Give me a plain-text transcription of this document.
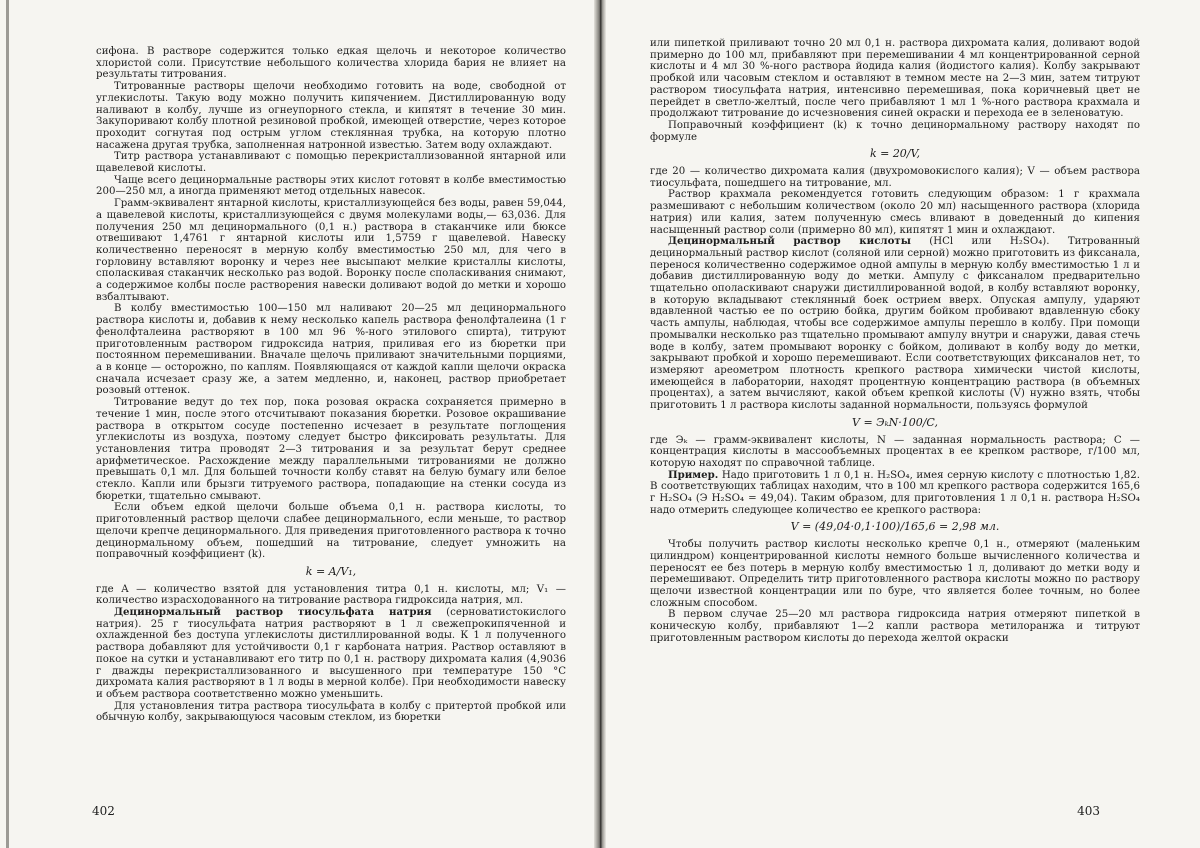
сифона. В растворе содержится только едкая щелочь и некоторое количество хлористой соли. Присутствие небольшого количества хлорида бария не влияет на результаты титрования.

Титрованные растворы щелочи необходимо готовить на воде, свободной от углекислоты. Такую воду можно получить кипячением. Дистиллированную воду наливают в колбу, лучше из огнеупорного стекла, и кипятят в течение 30 мин. Закупоривают колбу плотной резиновой пробкой, имеющей отверстие, через которое проходит согнутая под острым углом стеклянная трубка, на которую плотно насажена другая трубка, заполненная натронной известью. Затем воду охлаждают.

Титр раствора устанавливают с помощью перекристаллизованной янтарной или щавелевой кислоты.

Чаще всего децинормальные растворы этих кислот готовят в колбе вместимостью 200—250 мл, а иногда применяют метод отдельных навесок.

Грамм-эквивалент янтарной кислоты, кристаллизующейся без воды, равен 59,044, а щавелевой кислоты, кристаллизующейся с двумя молекулами воды,— 63,036. Для получения 250 мл децинормального (0,1 н.) раствора в стаканчике или бюксе отвешивают 1,4761 г янтарной кислоты или 1,5759 г щавелевой. Навеску количественно переносят в мерную колбу вместимостью 250 мл, для чего в горловину вставляют воронку и через нее высыпают мелкие кристаллы кислоты, споласкивая стаканчик несколько раз водой. Воронку после споласкивания снимают, а содержимое колбы после растворения навески доливают водой до метки и хорошо взбалтывают.

В колбу вместимостью 100—150 мл наливают 20—25 мл децинормального раствора кислоты и, добавив к нему несколько капель раствора фенолфталеина (1 г фенолфталеина растворяют в 100 мл 96 %-ного этилового спирта), титруют приготовленным раствором гидроксида натрия, приливая его из бюретки при постоянном перемешивании. Вначале щелочь приливают значительными порциями, а в конце — осторожно, по каплям. Появляющаяся от каждой капли щелочи окраска сначала исчезает сразу же, а затем медленно, и, наконец, раствор приобретает розовый оттенок.

Титрование ведут до тех пор, пока розовая окраска сохраняется примерно в течение 1 мин, после этого отсчитывают показания бюретки. Розовое окрашивание раствора в открытом сосуде постепенно исчезает в результате поглощения углекислоты из воздуха, поэтому следует быстро фиксировать результаты. Для установления титра проводят 2—3 титрования и за результат берут среднее арифметическое. Расхождение между параллельными титрованиями не должно превышать 0,1 мл. Для большей точности колбу ставят на белую бумагу или белое стекло. Капли или брызги титруемого раствора, попадающие на стенки сосуда из бюретки, тщательно смывают.

Если объем едкой щелочи больше объема 0,1 н. раствора кислоты, то приготовленный раствор щелочи слабее децинормального, если меньше, то раствор щелочи крепче децинормального. Для приведения приготовленного раствора к точно децинормальному объем, пошедший на титрование, следует умножить на поправочный коэффициент (k).

k = A/V₁,

где A — количество взятой для установления титра 0,1 н. кислоты, мл; V₁ — количество израсходованного на титрование раствора гидроксида натрия, мл.

Децинормальный раствор тиосульфата натрия (серноватистокислого натрия). 25 г тиосульфата натрия растворяют в 1 л свежепрокипяченной и охлажденной без доступа углекислоты дистиллированной воды. К 1 л полученного раствора добавляют для устойчивости 0,1 г карбоната натрия. Раствор оставляют в покое на сутки и устанавливают его титр по 0,1 н. раствору дихромата калия (4,9036 г дважды перекристаллизованного и высушенного при температуре 150 °С дихромата калия растворяют в 1 л воды в мерной колбе). При необходимости навеску и объем раствора соответственно можно уменьшить.

Для установления титра раствора тиосульфата в колбу с притертой пробкой или обычную колбу, закрывающуюся часовым стеклом, из бюретки

402

или пипеткой приливают точно 20 мл 0,1 н. раствора дихромата калия, доливают водой примерно до 100 мл, прибавляют при перемешивании 4 мл концентрированной серной кислоты и 4 мл 30 %-ного раствора йодида калия (йодистого калия). Колбу закрывают пробкой или часовым стеклом и оставляют в темном месте на 2—3 мин, затем титруют раствором тиосульфата натрия, интенсивно перемешивая, пока коричневый цвет не перейдет в светло-желтый, после чего прибавляют 1 мл 1 %-ного раствора крахмала и продолжают титрование до исчезновения синей окраски и перехода ее в зеленоватую.

Поправочный коэффициент (k) к точно децинормальному раствору находят по формуле

k = 20/V,

где 20 — количество дихромата калия (двухромовокислого калия); V — объем раствора тиосульфата, пошедшего на титрование, мл.

Раствор крахмала рекомендуется готовить следующим образом: 1 г крахмала размешивают с небольшим количеством (около 20 мл) насыщенного раствора (хлорида натрия) или калия, затем полученную смесь вливают в доведенный до кипения насыщенный раствор соли (примерно 80 мл), кипятят 1 мин и охлаждают.

Децинормальный раствор кислоты (HCl или H₂SO₄). Титрованный децинормальный раствор кислот (соляной или серной) можно приготовить из фиксанала, перенося количественно содержимое одной ампулы в мерную колбу вместимостью 1 л и добавив дистиллированную воду до метки. Ампулу с фиксаналом предварительно тщательно ополаскивают снаружи дистиллированной водой, в колбу вставляют воронку, в которую вкладывают стеклянный боек острием вверх. Опуская ампулу, ударяют вдавленной частью ее по острию бойка, другим бойком пробивают вдавленную сбоку часть ампулы, наблюдая, чтобы все содержимое ампулы перешло в колбу. При помощи промывалки несколько раз тщательно промывают ампулу внутри и снаружи, давая стечь воде в колбу, затем промывают воронку с бойком, доливают в колбу воду до метки, закрывают пробкой и хорошо перемешивают. Если соответствующих фиксаналов нет, то измеряют ареометром плотность крепкого раствора химически чистой кислоты, имеющейся в лаборатории, находят процентную концентрацию раствора (в объемных процентах), а затем вычисляют, какой объем крепкой кислоты (V) нужно взять, чтобы приготовить 1 л раствора кислоты заданной нормальности, пользуясь формулой

V = ЭₖN·100/C,

где Эₖ — грамм-эквивалент кислоты, N — заданная нормальность раствора; C — концентрация кислоты в массообъемных процентах в ее крепком растворе, г/100 мл, которую находят по справочной таблице.

Пример. Надо приготовить 1 л 0,1 н. H₂SO₄, имея серную кислоту с плотностью 1,82. В соответствующих таблицах находим, что в 100 мл крепкого раствора содержится 165,6 г H₂SO₄ (Э H₂SO₄ = 49,04). Таким образом, для приготовления 1 л 0,1 н. раствора H₂SO₄ надо отмерить следующее количество ее крепкого раствора:

V = (49,04·0,1·100)/165,6 = 2,98 мл.

Чтобы получить раствор кислоты несколько крепче 0,1 н., отмеряют (маленьким цилиндром) концентрированной кислоты немного больше вычисленного количества и переносят ее без потерь в мерную колбу вместимостью 1 л, доливают до метки воду и перемешивают. Определить титр приготовленного раствора кислоты можно по раствору щелочи известной концентрации или по буре, что является более точным, но более сложным способом.

В первом случае 25—20 мл раствора гидроксида натрия отмеряют пипеткой в коническую колбу, прибавляют 1—2 капли раствора метилоранжа и титруют приготовленным раствором кислоты до перехода желтой окраски

403
